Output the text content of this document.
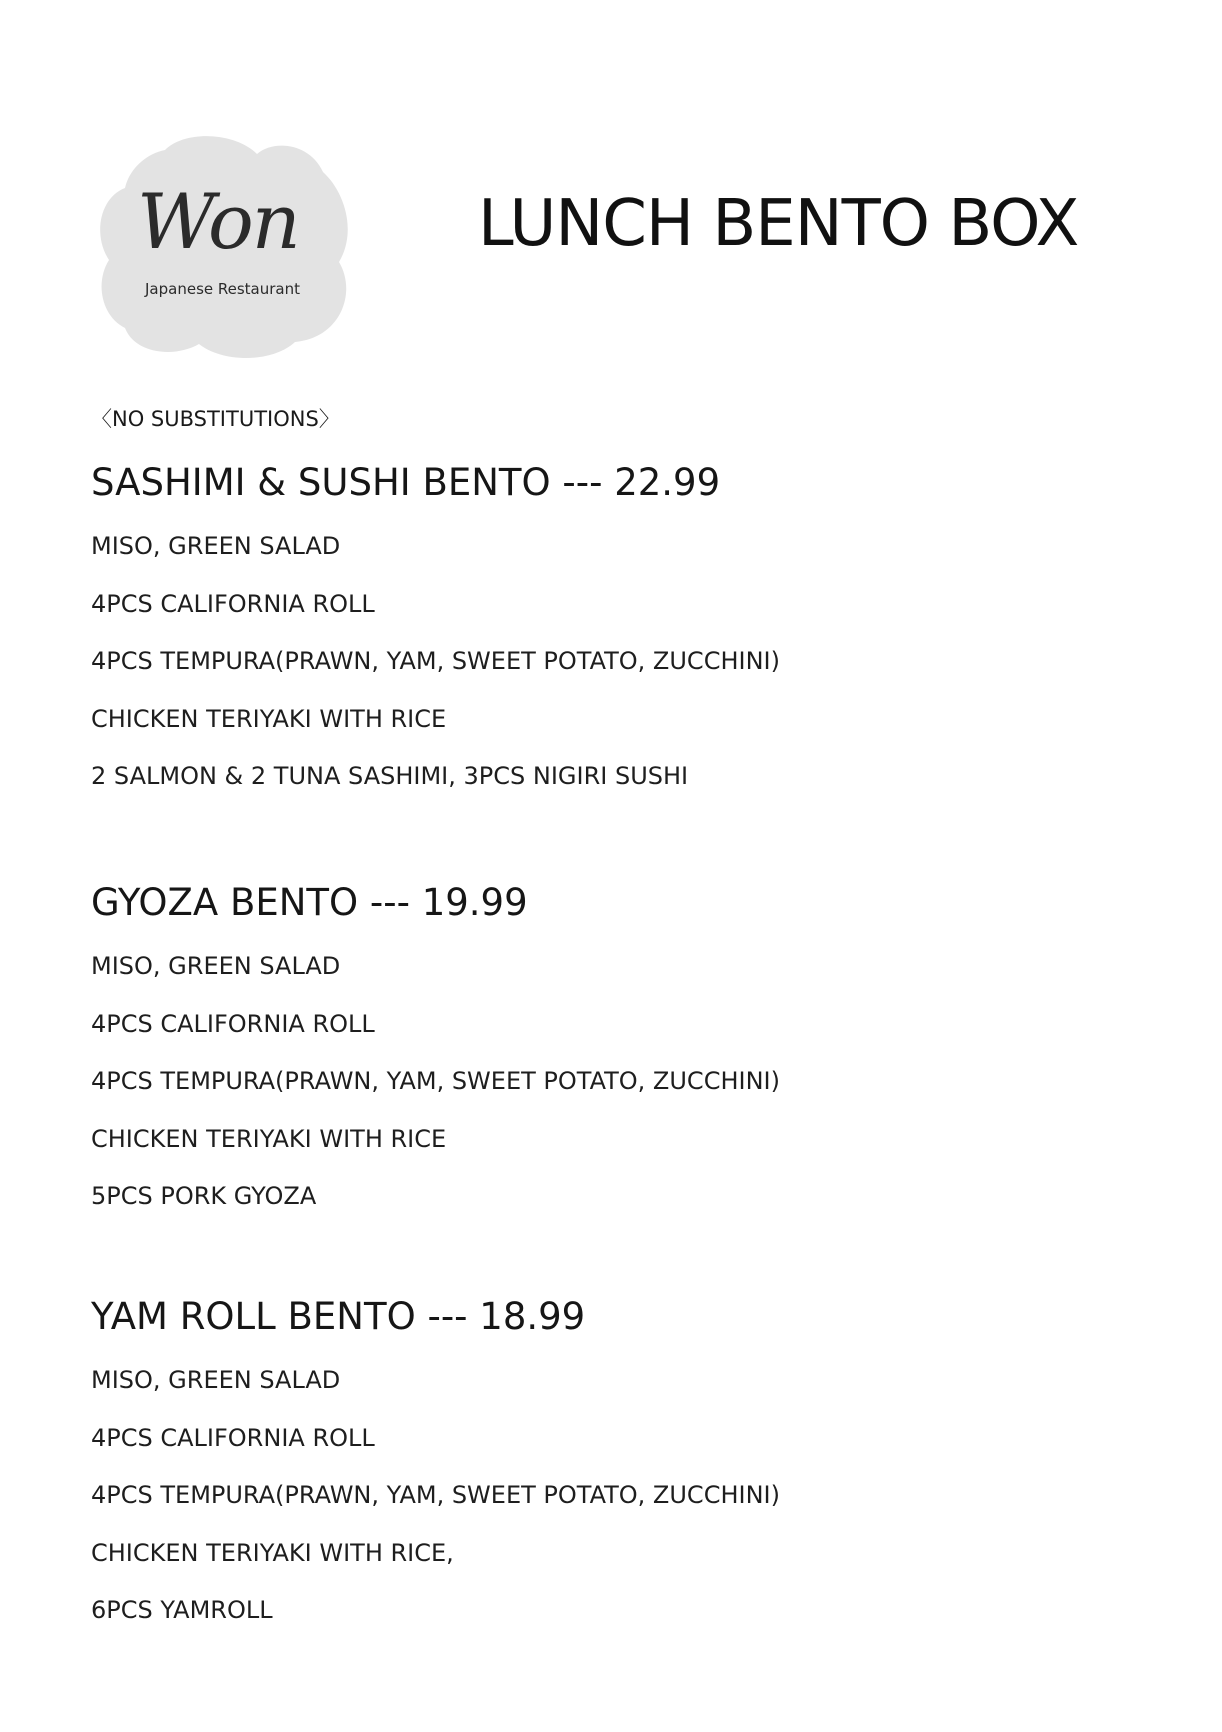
Won
Japanese Restaurant
LUNCH BENTO BOX
〈NO SUBSTITUTIONS〉
SASHIMI & SUSHI BENTO --- 22.99
MISO, GREEN SALAD
4PCS CALIFORNIA ROLL
4PCS TEMPURA(PRAWN, YAM, SWEET POTATO, ZUCCHINI)
CHICKEN TERIYAKI WITH RICE
2 SALMON & 2 TUNA SASHIMI, 3PCS NIGIRI SUSHI
GYOZA BENTO --- 19.99
MISO, GREEN SALAD
4PCS CALIFORNIA ROLL
4PCS TEMPURA(PRAWN, YAM, SWEET POTATO, ZUCCHINI)
CHICKEN TERIYAKI WITH RICE
5PCS PORK GYOZA
YAM ROLL BENTO --- 18.99
MISO, GREEN SALAD
4PCS CALIFORNIA ROLL
4PCS TEMPURA(PRAWN, YAM, SWEET POTATO, ZUCCHINI)
CHICKEN TERIYAKI WITH RICE,
6PCS YAMROLL
